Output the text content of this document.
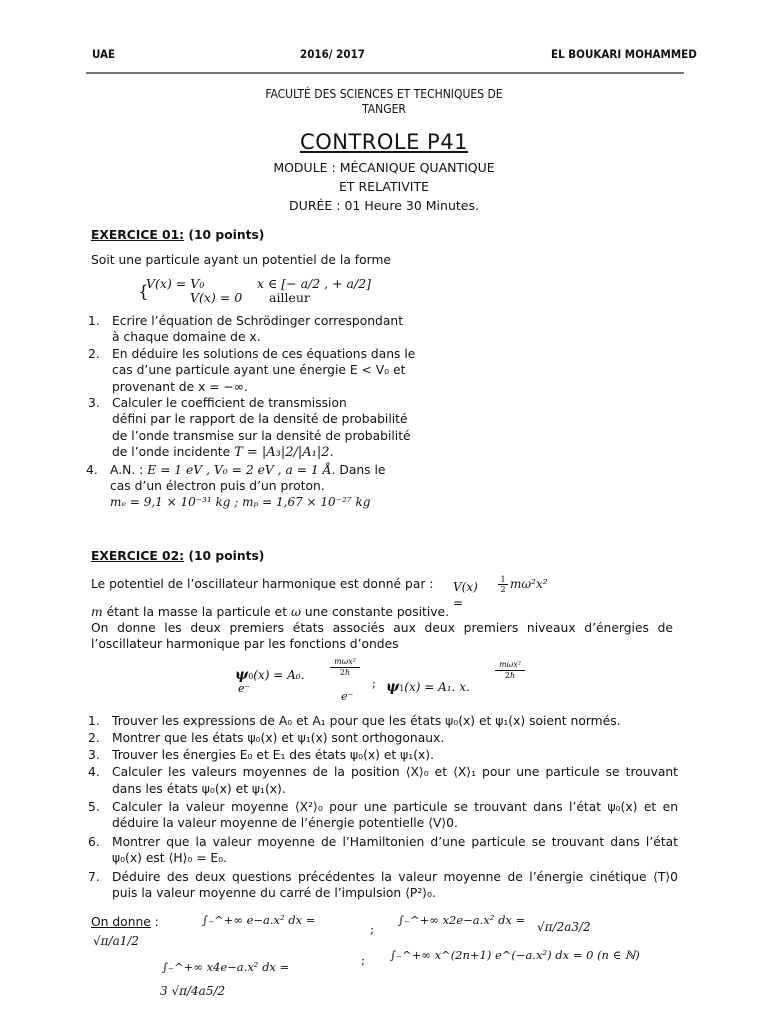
UAE	2016/ 2017	EL BOUKARI MOHAMMED
FACULTÉ DES SCIENCES ET TECHNIQUES DE
TANGER
CONTROLE P41
MODULE : MÉCANIQUE QUANTIQUE
ET RELATIVITE
DURÉE : 01 Heure 30 Minutes.
EXERCICE 01: (10 points)
Soit une particule ayant un potentiel de la forme
{
V(x) = V0	x ∈ [− a/2 , + a/2]
V(x) = 0 ailleur
1. Ecrire l’équation de Schrödinger correspondant
à chaque domaine de x.
2. En déduire les solutions de ces équations dans le
cas d’une particule ayant une énergie E < V₀ et
provenant de x = −∞.
3. Calculer le coefficient de transmission
défini par le rapport de la densité de probabilité
de l’onde transmise sur la densité de probabilité
de l’onde incidente T = |A₃|2/|A₁|2.
4. A.N. : E = 1 eV , V₀ = 2 eV , a = 1 Å. Dans le
cas d’un électron puis d’un proton.
mₑ = 9,1 × 10⁻³¹ kg ; mₚ = 1,67 × 10⁻²⁷ kg
EXERCICE 02: (10 points)
Le potentiel de l’oscillateur harmonique est donné par : V(x)
=
1
2 mω²x²
m étant la masse la particule et ω une constante positive.
On donne les deux premiers états associés aux deux premiers niveaux d’énergies de l’oscillateur harmonique par les fonctions d’ondes
ψ0(x) = A₀.
mωx²
2ℏ
e⁻	;
e⁻
ψ1(x) = A₁. x.
mωx²
2ℏ
1. Trouver les expressions de A₀ et A₁ pour que les états ψ₀(x) et ψ₁(x) soient normés.
2. Montrer que les états ψ₀(x) et ψ₁(x) sont orthogonaux.
3. Trouver les énergies E₀ et E₁ des états ψ₀(x) et ψ₁(x).
4. Calculer les valeurs moyennes de la position ⟨X⟩₀ et ⟨X⟩₁ pour une particule se trouvant dans les états ψ₀(x) et ψ₁(x).
5. Calculer la valeur moyenne ⟨X²⟩₀ pour une particule se trouvant dans l’état ψ₀(x) et en déduire la valeur moyenne de l’énergie potentielle ⟨V⟩0.
6. Montrer que la valeur moyenne de l’Hamiltonien d’une particule se trouvant dans l’état ψ₀(x) est ⟨H⟩₀ = E₀.
7. Déduire des deux questions précédentes la valeur moyenne de l’énergie cinétique ⟨T⟩0 puis la valeur moyenne du carré de l’impulsion ⟨P²⟩₀.
On donne :	∫₋^+∞ e−a.x² dx =
√π/a1/2
;
∫₋^+∞ x2e−a.x² dx = √π/2a3/2
∫₋^+∞ x4e−a.x² dx =
3 √π/4a5/2
; ∫₋^+∞ x^(2n+1) e^(−a.x²) dx = 0 (n ∈ ℕ)
